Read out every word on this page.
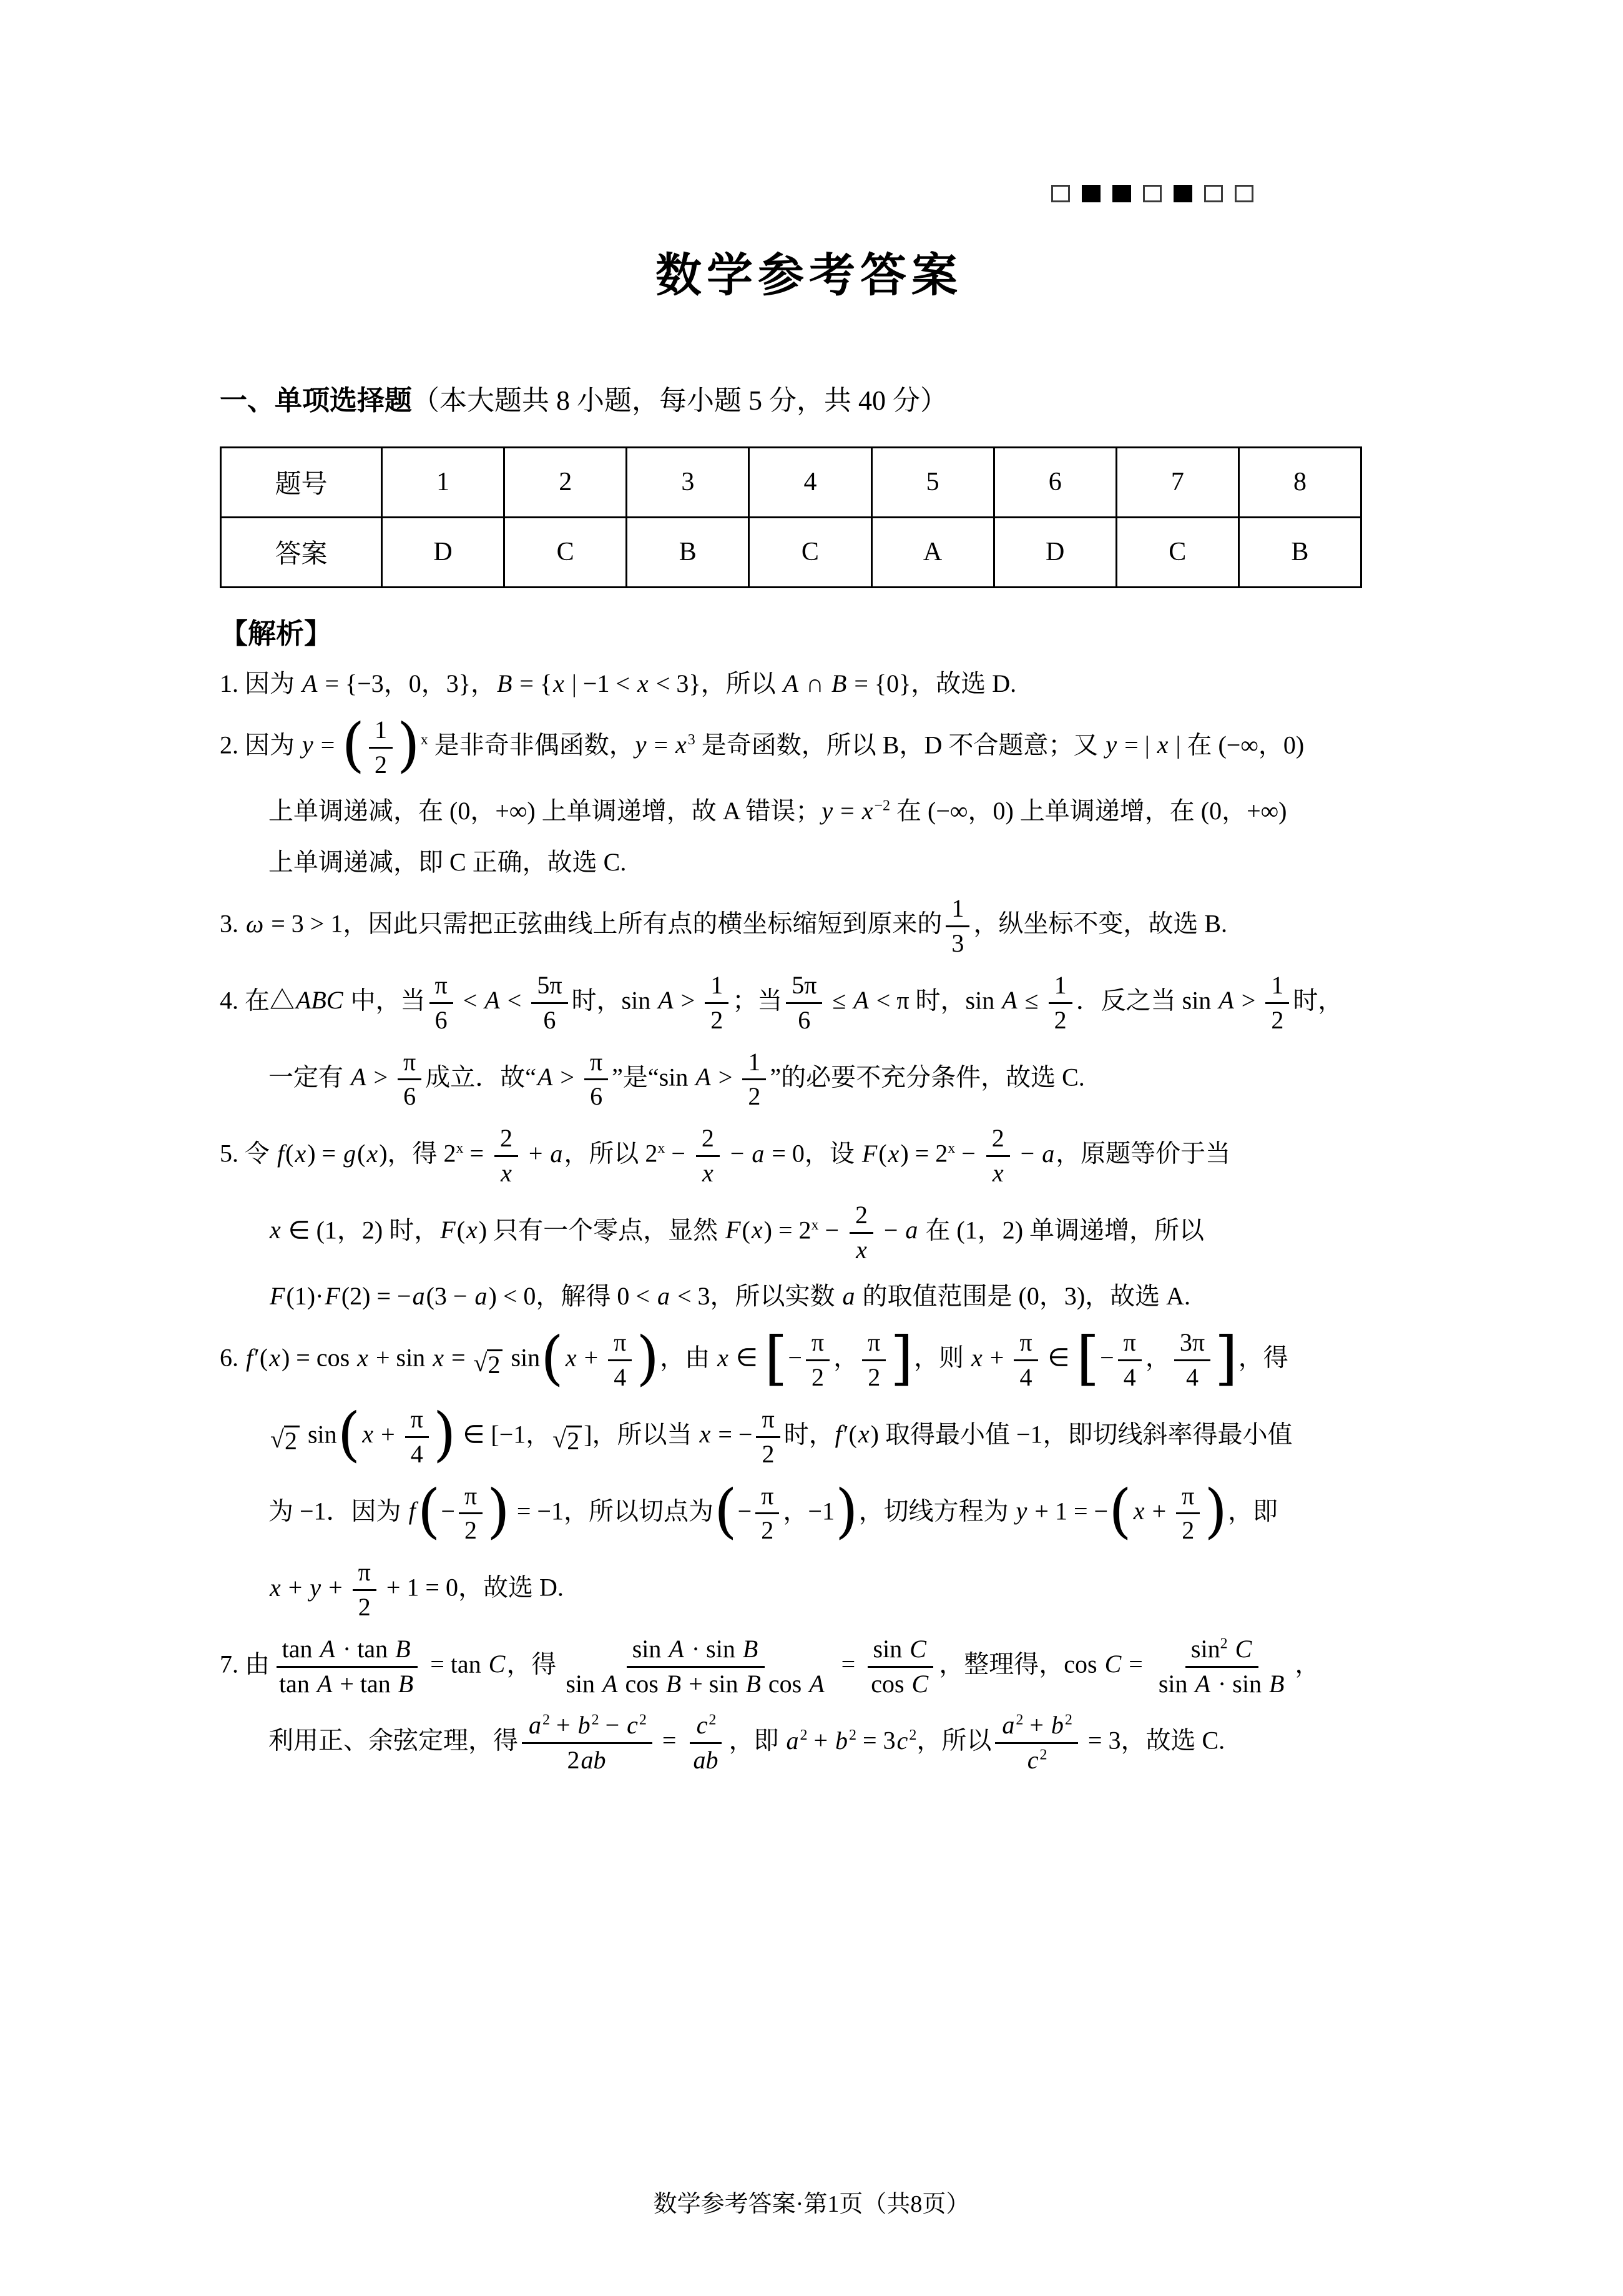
数学参考答案
一、单项选择题（本大题共 8 小题，每小题 5 分，共 40 分）
题号	1	2	3	4	5	6	7	8
答案	D	C	B	C	A	D	C	B
【解析】
1. 因为 A = {−3，0，3}，B = {x | −1 < x < 3}，所以 A ∩ B = {0}，故选 D.
2. 因为 y = ( $\frac{1}{2} )^x$ 是非奇非偶函数，$y = x^3$ 是奇函数，所以 B，D 不合题意；又 y = | x | 在 (−∞，0)
上单调递减，在 (0，+∞) 上单调递增，故 A 错误；$y = x^{-2}$ 在 (−∞，0) 上单调递增，在 (0，+∞)
上单调递减，即 C 正确，故选 C.
3. ω = 3 > 1，因此只需把正弦曲线上所有点的横坐标缩短到原来的 $\frac{1}{3}$ ，纵坐标不变，故选 B.
4. 在△ABC 中，当 $\frac{\pi}{6} < A < \frac{5\pi}{6}$ 时，$\sin A > \frac{1}{2}$ ；当 $\frac{5\pi}{6} \le A < \pi$ 时，$\sin A \le \frac{1}{2}$ ．反之当 $\sin A > \frac{1}{2}$ 时，
一定有 $A > \frac{\pi}{6}$ 成立．故“$A > \frac{\pi}{6}$ ”是“sin $A > \frac{1}{2}$ ”的必要不充分条件，故选 C.
5. 令 f(x) = g(x)，得 $2^x = \frac{2}{x} + a$，所以 $2^x - \frac{2}{x} - a = 0$，设 $F(x) = 2^x - \frac{2}{x} - a$，原题等价于当
x ∈ (1，2) 时，F(x) 只有一个零点，显然 $F(x) = 2^x - \frac{2}{x} - a$ 在 (1，2) 单调递增，所以
F(1)·F(2) = −a(3 − a) < 0，解得 0 < a < 3，所以实数 a 的取值范围是 (0，3)，故选 A.
6. f′(x) = cos x + sin x = √ 2 $\sin(x + \frac{\pi}{4}$ )，由 x ∈ [− $\frac{\pi}{2}$ ， $\frac{\pi}{2}$ ]，则 $x + \frac{\pi}{4}$ ∈ [− $\frac{\pi}{4}$ ， $\frac{3\pi}{4}$ ]，得
√ 2 $\sin(x + \frac{\pi}{4}$ ) ∈ [−1， √ 2 ]，所以当 x = − $\frac{\pi}{2}$ 时，f′(x) 取得最小值 −1，即切线斜率得最小值
为 −1．因为 $f(- \frac{\pi}{2}$ ) = −1，所以切点为(− $\frac{\pi}{2}$ ，−1)，切线方程为 $y + 1 = -(x + \frac{\pi}{2}$ )，即
$x + y + \frac{\pi}{2} + 1 = 0$，故选 D.
7. 由 $\frac{\text{tan A · tan B}}{\text{tan A + tan B}} = \tan C$，得 $\frac{\text{sin A · sin B}}{\text{sin A cos B + sin B cos A}} = \frac{\text{sin C}}{\text{cos C}}$ ，整理得，$\cos C = \frac{\sin^2 C}{\text{sin A · sin B}}$ ，
利用正、余弦定理，得 $\frac{a^2 + b^2 - c^2}{2ab} = \frac{c^2}{ab}$ ，即 $a^2 + b^2 = 3c^2$，所以 $\frac{a^2 + b^2}{c^2} = 3$，故选 C.
数学参考答案·第1页（共8页）
